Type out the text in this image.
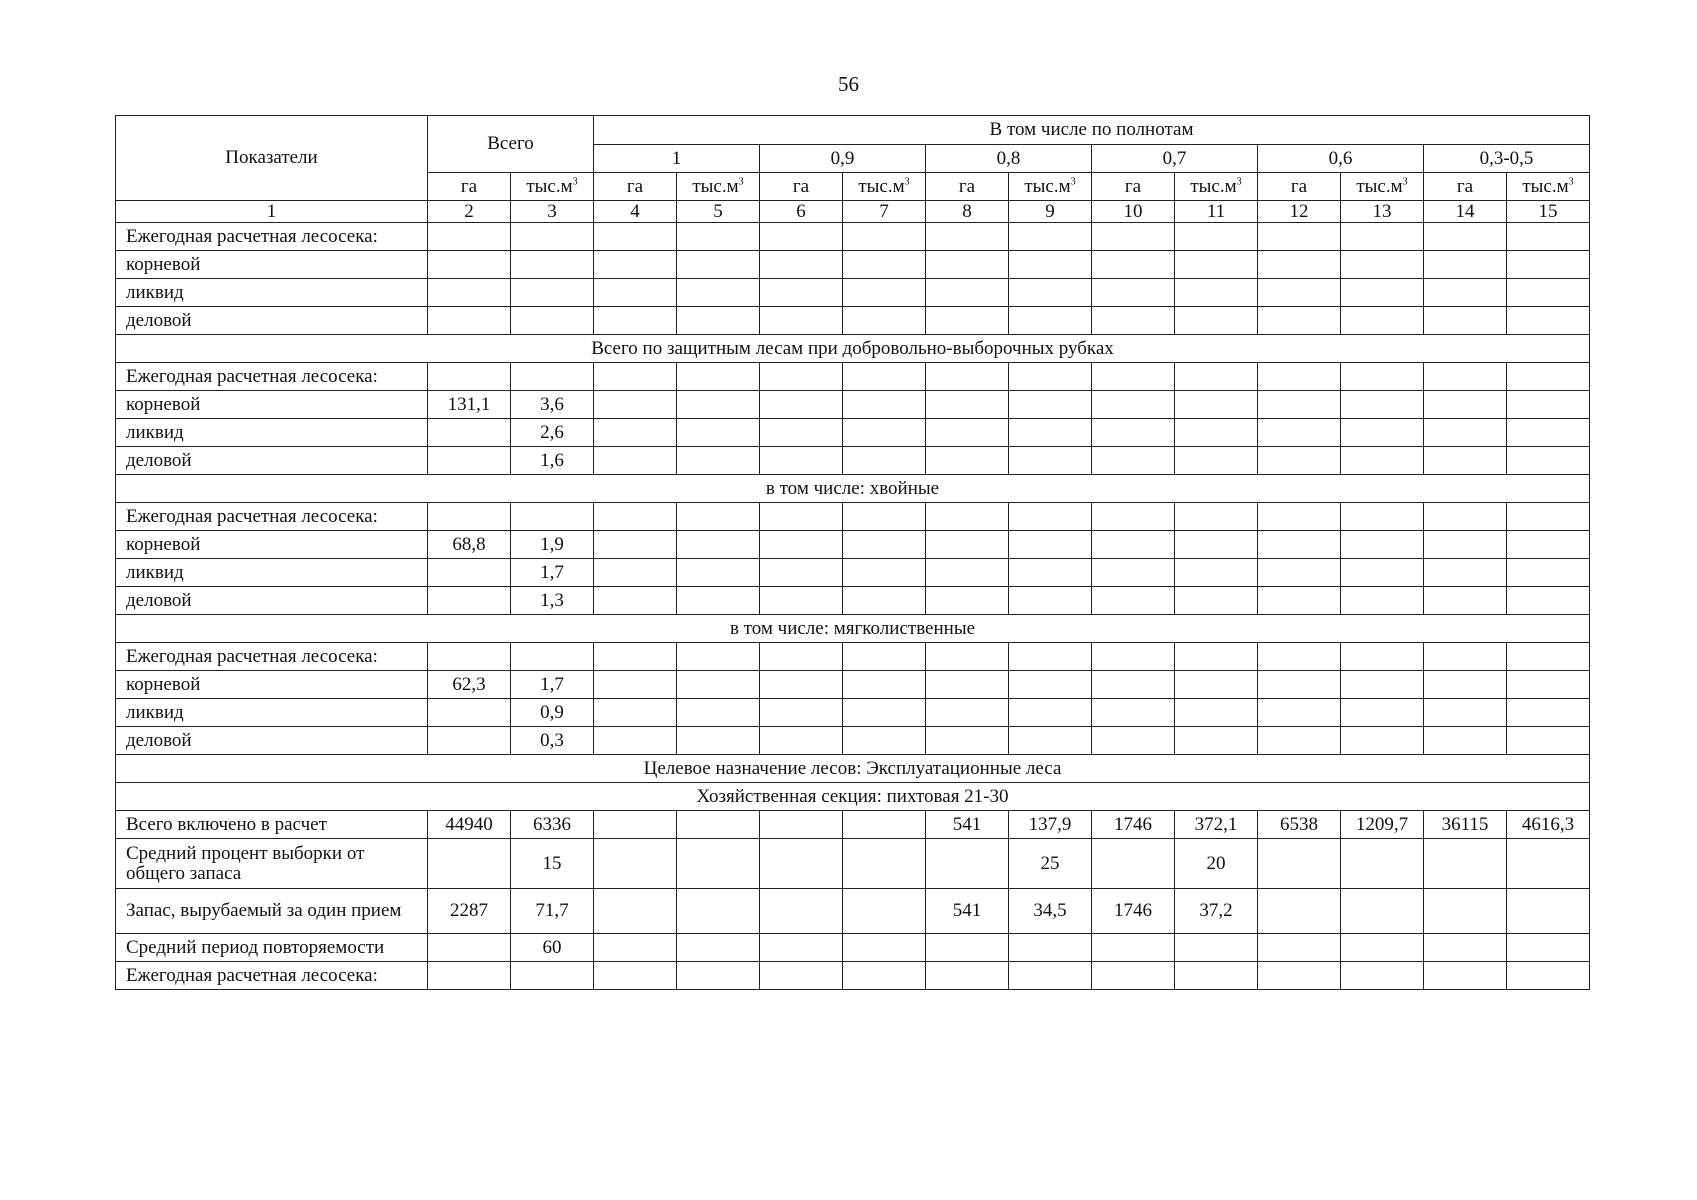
56
Показатели	Всего		В том числе по полнотам											
			1		0,9		0,8		0,7		0,6		0,3-0,5	
	га	$тыс.м^3$	га	$тыс.м^3$	га	$тыс.м^3$	га	$тыс.м^3$	га	$тыс.м^3$	га	$тыс.м^3$	га	$тыс.м^3$
1	2	3	4	5	6	7	8	9	10	11	12	13	14	15
Ежегодная расчетная лесосека:														
корневой														
ликвид														
деловой														
Всего по защитным лесам при добровольно-выборочных рубках														
Ежегодная расчетная лесосека:														
корневой	131,1	3,6												
ликвид		2,6												
деловой		1,6												
в том числе: хвойные														
Ежегодная расчетная лесосека:														
корневой	68,8	1,9												
ликвид		1,7												
деловой		1,3												
в том числе: мягколиственные														
Ежегодная расчетная лесосека:														
корневой	62,3	1,7												
ликвид		0,9												
деловой		0,3												
Целевое назначение лесов: Эксплуатационные леса														
Хозяйственная секция: пихтовая 21-30														
Всего включено в расчет	44940	6336					541	137,9	1746	372,1	6538	1209,7	36115	4616,3
Средний процент выборки от общего запаса		15						25		20				
Запас, вырубаемый за один прием	2287	71,7					541	34,5	1746	37,2				
Средний период повторяемости		60												
Ежегодная расчетная лесосека:														
